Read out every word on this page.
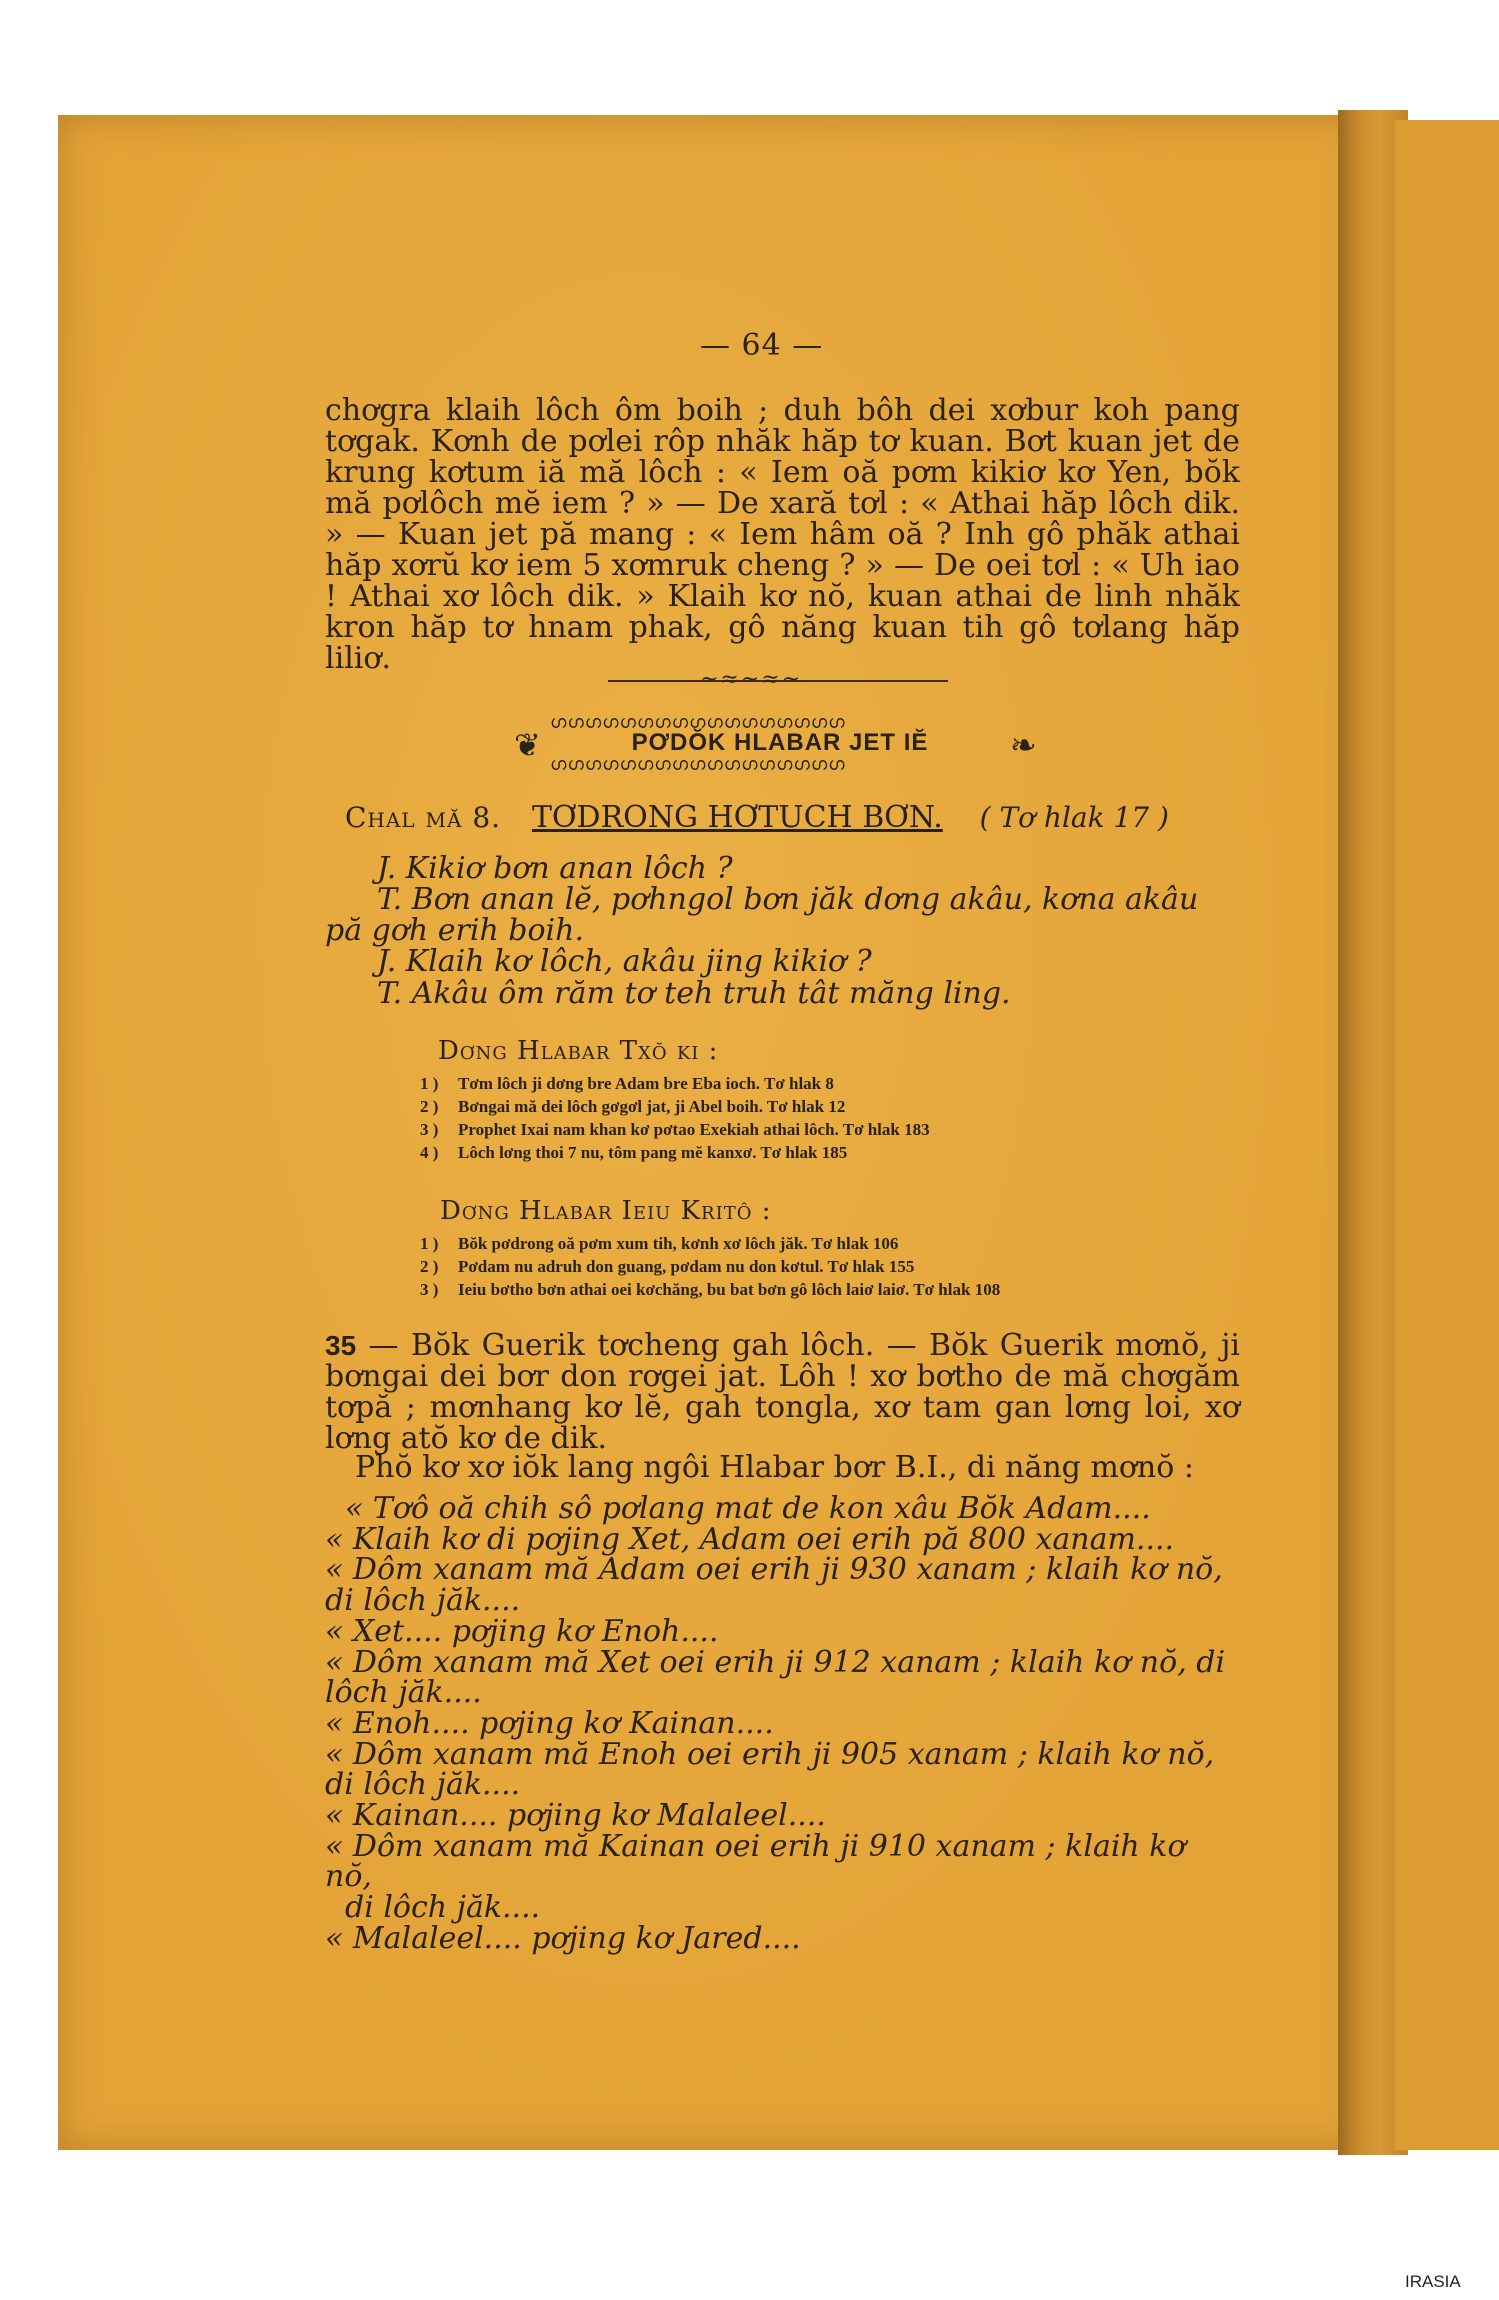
— 64 —

chơgra klaih lôch ôm boih ; duh bôh dei xơbur koh pang tơgak. Kơnh de pơlei rôp nhăk hăp tơ kuan. Bơt kuan jet de krung kơtum iă mă lôch : « Iem oă pơm kikiơ kơ Yen, bŏk mă pơlôch mĕ iem ? » — De xară tơl : « Athai hăp lôch dik. » — Kuan jet pă mang : « Iem hâm oă ? Inh gô phăk athai hăp xơrŭ kơ iem 5 xơmruk cheng ? » — De oei tơl : « Uh iao ! Athai xơ lôch dik. » Klaih kơ nŏ, kuan athai de linh nhăk kron hăp tơ hnam phak, gô năng kuan tih gô tơlang hăp liliơ.

~≈~≈~
ഗഗഗഗഗഗഗഗഗഗഗഗഗഗഗഗഗ
❦	PƠDŎK HLABAR JET IĔ	❧
ഗഗഗഗഗഗഗഗഗഗഗഗഗഗഗഗഗ
Chal mă 8. TƠDRONG HƠTUCH BƠN. ( Tơ hlak 17 )

J. Kikiơ bơn anan lôch ?

T. Bơn anan lĕ, pơhngol bơn jăk dơng akâu, kơna akâu pă gơh erih boih.

J. Klaih kơ lôch, akâu jing kikiơ ?

T. Akâu ôm răm tơ teh truh tât măng ling.

Dơng Hlabar Txŏ ki :
1 ) Tơm lôch ji dơng bre Adam bre Eba ioch. Tơ hlak 8
2 ) Bơngai mă dei lôch gơgơl jat, ji Abel boih. Tơ hlak 12
3 ) Prophet Ixai nam khan kơ pơtao Exekiah athai lôch. Tơ hlak 183
4 ) Lôch lơng thoi 7 nu, tôm pang mĕ kanxơ. Tơ hlak 185
Dơng Hlabar Ieiu Kritô :
1 ) Bŏk pơdrong oă pơm xum tih, kơnh xơ lôch jăk. Tơ hlak 106
2 ) Pơdam nu adruh don guang, pơdam nu don kơtul. Tơ hlak 155
3 ) Ieiu bơtho bơn athai oei kơchăng, bu bat bơn gô lôch laiơ laiơ. Tơ hlak 108

35 — Bŏk Guerik tơcheng gah lôch. — Bŏk Guerik mơnŏ, ji bơngai dei bơr don rơgei jat. Lôh ! xơ bơtho de mă chơgăm tơpă ; mơnhang kơ lĕ, gah tongla, xơ tam gan lơng loi, xơ lơng atŏ kơ de dik.

Phŏ kơ xơ iŏk lang ngôi Hlabar bơr B.I., di năng mơnŏ :

« Tơô oă chih sô pơlang mat de kon xâu Bŏk Adam....

« Klaih kơ di pơjing Xet, Adam oei erih pă 800 xanam....

« Dôm xanam mă Adam oei erih ji 930 xanam ; klaih kơ nŏ,

di lôch jăk....

« Xet.... pơjing kơ Enoh....

« Dôm xanam mă Xet oei erih ji 912 xanam ; klaih kơ nŏ, di

lôch jăk....

« Enoh.... pơjing kơ Kainan....

« Dôm xanam mă Enoh oei erih ji 905 xanam ; klaih kơ nŏ,

di lôch jăk....

« Kainan.... pơjing kơ Malaleel....

« Dôm xanam mă Kainan oei erih ji 910 xanam ; klaih kơ nŏ,

di lôch jăk....

« Malaleel.... pơjing kơ Jared....

IRASIA
